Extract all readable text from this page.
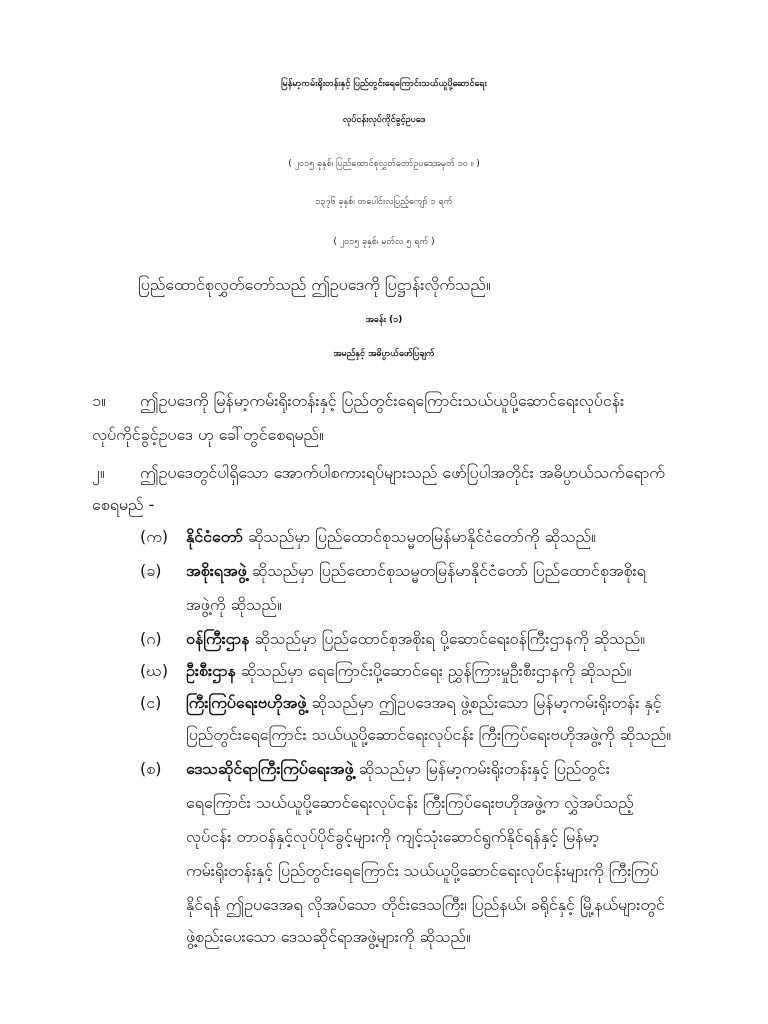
မြန်မာ့ကမ်းရိုးတန်းနှင့် ပြည်တွင်းရေကြောင်းသယ်ယူပို့ဆောင်ရေး
လုပ်ငန်းလုပ်ကိုင်ခွင့်ဥပဒေ
( ၂၀၁၅ ခုနှစ်၊ ပြည်ထောင်စုလွှတ်တော်ဥပဒေအမှတ် ၁၀ ။ )
၁၃၇၆ ခုနှစ်၊ တပေါင်းလပြည့်ကျော် ၁ ရက်
( ၂၀၁၅ ခုနှစ်၊ မတ်လ ၅ ရက် )
ပြည်ထောင်စုလွှတ်တော်သည် ဤဥပဒေကို ပြဋ္ဌာန်းလိုက်သည်။
အခန်း (၁)
အမည်နှင့် အဓိပ္ပာယ်ဖော်ပြချက်
၁။ ဤဥပဒေကို မြန်မာ့ကမ်းရိုးတန်းနှင့် ပြည်တွင်းရေကြောင်းသယ်ယူပို့ဆောင်ရေးလုပ်ငန်း
လုပ်ကိုင်ခွင့်ဥပဒေ ဟု ခေါ်တွင်စေရမည်။
၂။ ဤဥပဒေတွင်ပါရှိသော အောက်ပါစကားရပ်များသည် ဖော်ပြပါအတိုင်း အဓိပ္ပာယ်သက်ရောက်
စေရမည် -
(က) နိုင်ငံတော် ဆိုသည်မှာ ပြည်ထောင်စုသမ္မတမြန်မာနိုင်ငံတော်ကို ဆိုသည်။
(ခ) အစိုးရအဖွဲ့ ဆိုသည်မှာ ပြည်ထောင်စုသမ္မတမြန်မာနိုင်ငံတော် ပြည်ထောင်စုအစိုးရ
အဖွဲ့ကို ဆိုသည်။
(ဂ) ဝန်ကြီးဌာန ဆိုသည်မှာ ပြည်ထောင်စုအစိုးရ ပို့ဆောင်ရေးဝန်ကြီးဌာနကို ဆိုသည်။
(ဃ) ဦးစီးဌာန ဆိုသည်မှာ ရေကြောင်းပို့ဆောင်ရေး ညွှန်ကြားမှုဦးစီးဌာနကို ဆိုသည်။
(င) ကြီးကြပ်ရေးဗဟိုအဖွဲ့ ဆိုသည်မှာ ဤဥပဒေအရ ဖွဲ့စည်းသော မြန်မာ့ကမ်းရိုးတန်း နှင့်
ပြည်တွင်းရေကြောင်း သယ်ယူပို့ဆောင်ရေးလုပ်ငန်း ကြီးကြပ်ရေးဗဟိုအဖွဲ့ကို ဆိုသည်။
(စ) ဒေသဆိုင်ရာကြီးကြပ်ရေးအဖွဲ့ ဆိုသည်မှာ မြန်မာ့ကမ်းရိုးတန်းနှင့် ပြည်တွင်း
ရေကြောင်း သယ်ယူပို့ဆောင်ရေးလုပ်ငန်း ကြီးကြပ်ရေးဗဟိုအဖွဲ့က လွှဲအပ်သည့်
လုပ်ငန်း တာဝန်နှင့်လုပ်ပိုင်ခွင့်များကို ကျင့်သုံးဆောင်ရွက်နိုင်ရန်နှင့် မြန်မာ့
ကမ်းရိုးတန်းနှင့် ပြည်တွင်းရေကြောင်း သယ်ယူပို့ဆောင်ရေးလုပ်ငန်းများကို ကြီးကြပ်
နိုင်ရန် ဤဥပဒေအရ လိုအပ်သော တိုင်းဒေသကြီး၊ ပြည်နယ်၊ ခရိုင်နှင့် မြို့နယ်များတွင်
ဖွဲ့စည်းပေးသော ဒေသဆိုင်ရာအဖွဲ့များကို ဆိုသည်။
